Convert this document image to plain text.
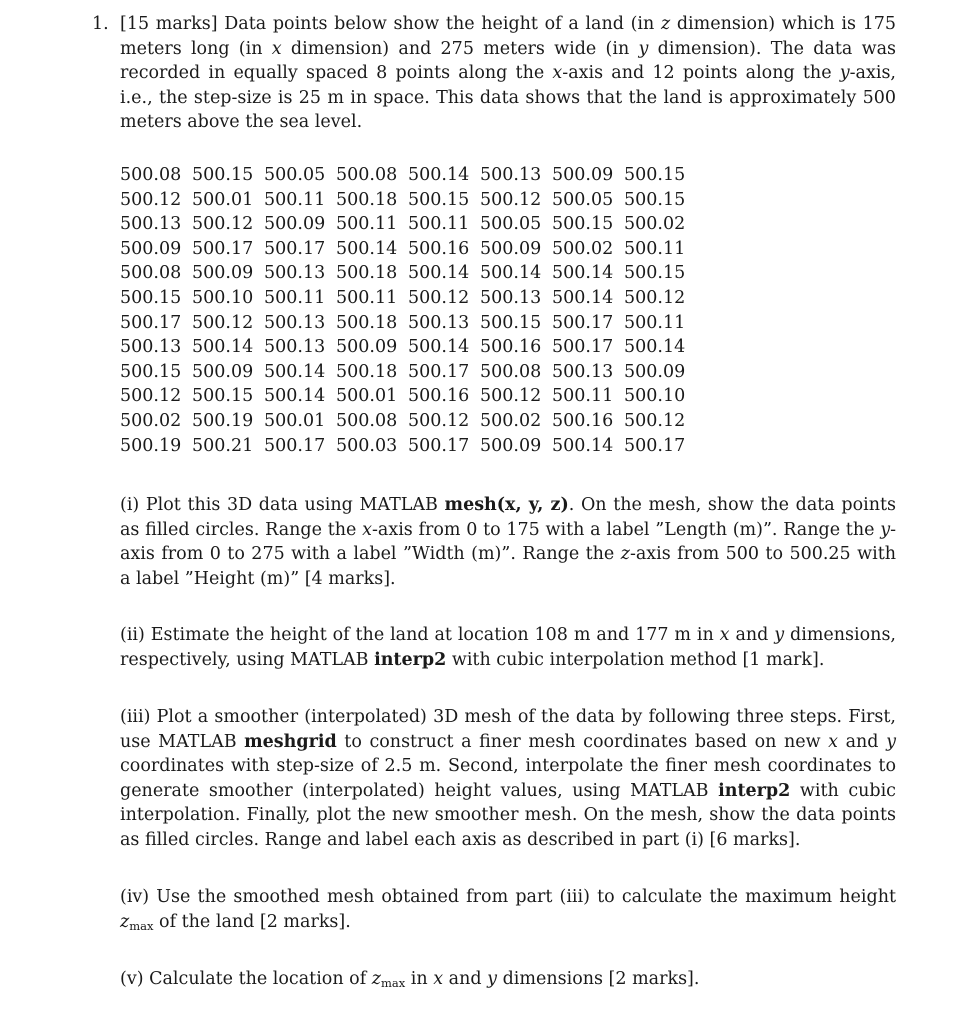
1. [15 marks] Data points below show the height of a land (in z dimension) which is 175 meters long (in x dimension) and 275 meters wide (in y dimension). The data was recorded in equally spaced 8 points along the x-axis and 12 points along the y-axis, i.e., the step-size is 25 m in space. This data shows that the land is approximately 500 meters above the sea level.
500.08	500.15	500.05	500.08	500.14	500.13	500.09	500.15
500.12	500.01	500.11	500.18	500.15	500.12	500.05	500.15
500.13	500.12	500.09	500.11	500.11	500.05	500.15	500.02
500.09	500.17	500.17	500.14	500.16	500.09	500.02	500.11
500.08	500.09	500.13	500.18	500.14	500.14	500.14	500.15
500.15	500.10	500.11	500.11	500.12	500.13	500.14	500.12
500.17	500.12	500.13	500.18	500.13	500.15	500.17	500.11
500.13	500.14	500.13	500.09	500.14	500.16	500.17	500.14
500.15	500.09	500.14	500.18	500.17	500.08	500.13	500.09
500.12	500.15	500.14	500.01	500.16	500.12	500.11	500.10
500.02	500.19	500.01	500.08	500.12	500.02	500.16	500.12
500.19	500.21	500.17	500.03	500.17	500.09	500.14	500.17
(i) Plot this 3D data using MATLAB mesh(x, y, z). On the mesh, show the data points as filled circles. Range the x-axis from 0 to 175 with a label ”Length (m)”. Range the y-axis from 0 to 275 with a label ”Width (m)”. Range the z-axis from 500 to 500.25 with a label ”Height (m)” [4 marks].
(ii) Estimate the height of the land at location 108 m and 177 m in x and y dimensions, respectively, using MATLAB interp2 with cubic interpolation method [1 mark].
(iii) Plot a smoother (interpolated) 3D mesh of the data by following three steps. First, use MATLAB meshgrid to construct a finer mesh coordinates based on new x and y coordinates with step-size of 2.5 m. Second, interpolate the finer mesh coordinates to generate smoother (interpolated) height values, using MATLAB interp2 with cubic interpolation. Finally, plot the new smoother mesh. On the mesh, show the data points as filled circles. Range and label each axis as described in part (i) [6 marks].
(iv) Use the smoothed mesh obtained from part (iii) to calculate the maximum height $z_{max}$ of the land [2 marks].
(v) Calculate the location of $z_{max}$ in x and y dimensions [2 marks].
